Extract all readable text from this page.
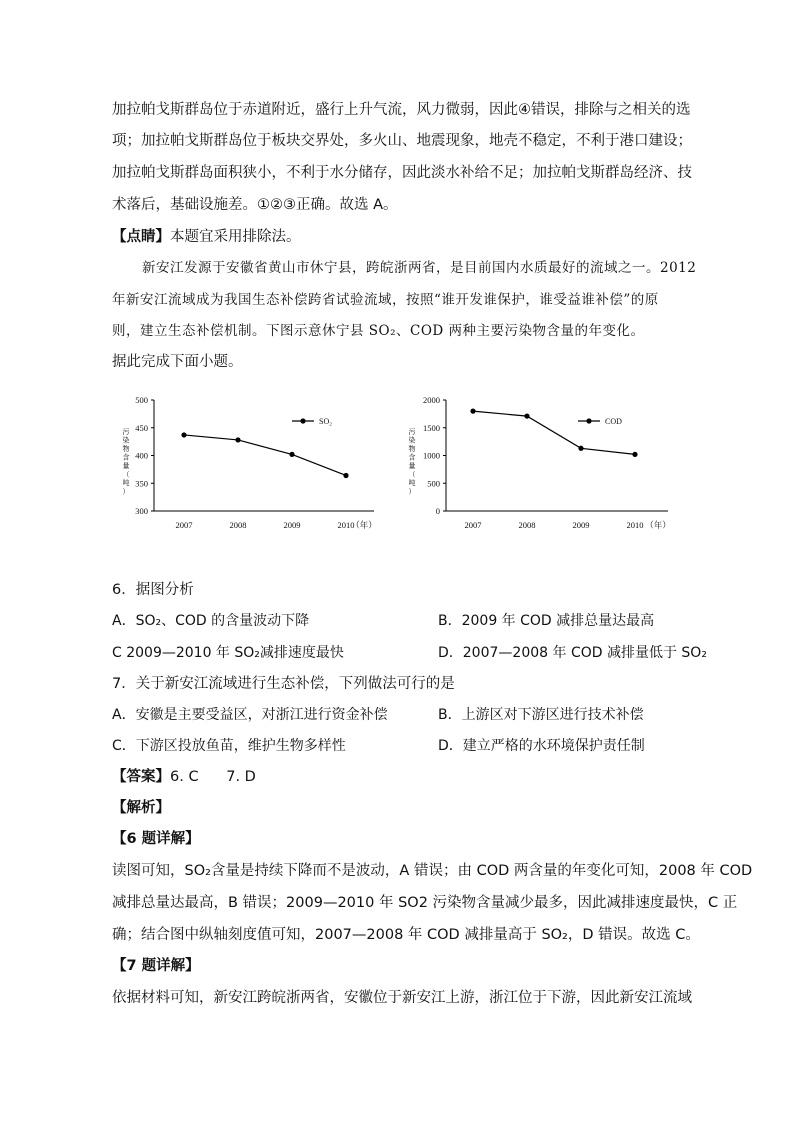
加拉帕戈斯群岛位于赤道附近，盛行上升气流，风力微弱，因此④错误，排除与之相关的选
项；加拉帕戈斯群岛位于板块交界处，多火山、地震现象，地壳不稳定，不利于港口建设；
加拉帕戈斯群岛面积狭小，不利于水分储存，因此淡水补给不足；加拉帕戈斯群岛经济、技
术落后，基础设施差。①②③正确。故选 A。
【点睛】本题宜采用排除法。
新安江发源于安徽省黄山市休宁县，跨皖浙两省，是目前国内水质最好的流域之一。2012
年新安江流域成为我国生态补偿跨省试验流域，按照“谁开发谁保护，谁受益谁补偿”的原
则，建立生态补偿机制。下图示意休宁县 SO₂、COD 两种主要污染物含量的年变化。
据此完成下面小题。
300
350
400
450
500
2007	2008	2009	2010
（年）
污
染
物
含
量
（
吨
）
SO₂
0
500
1000
1500
2000
2007	2008	2009	2010 （年）
污
染
物
含
量
（
吨
）
COD
6．据图分析
A．SO₂、COD 的含量波动下降	B．2009 年 COD 减排总量达最高
C 2009—2010 年 SO₂减排速度最快	D．2007—2008 年 COD 减排量低于 SO₂
7．关于新安江流域进行生态补偿，下列做法可行的是
A．安徽是主要受益区，对浙江进行资金补偿	B．上游区对下游区进行技术补偿
C．下游区投放鱼苗，维护生物多样性	D．建立严格的水环境保护责任制
【答案】6. C      7. D
【解析】
【6 题详解】
读图可知，SO₂含量是持续下降而不是波动，A 错误；由 COD 两含量的年变化可知，2008 年 COD
减排总量达最高，B 错误；2009—2010 年 SO2 污染物含量减少最多，因此减排速度最快，C 正
确；结合图中纵轴刻度值可知，2007—2008 年 COD 减排量高于 SO₂，D 错误。故选 C。
【7 题详解】
依据材料可知，新安江跨皖浙两省，安徽位于新安江上游，浙江位于下游，因此新安江流域
